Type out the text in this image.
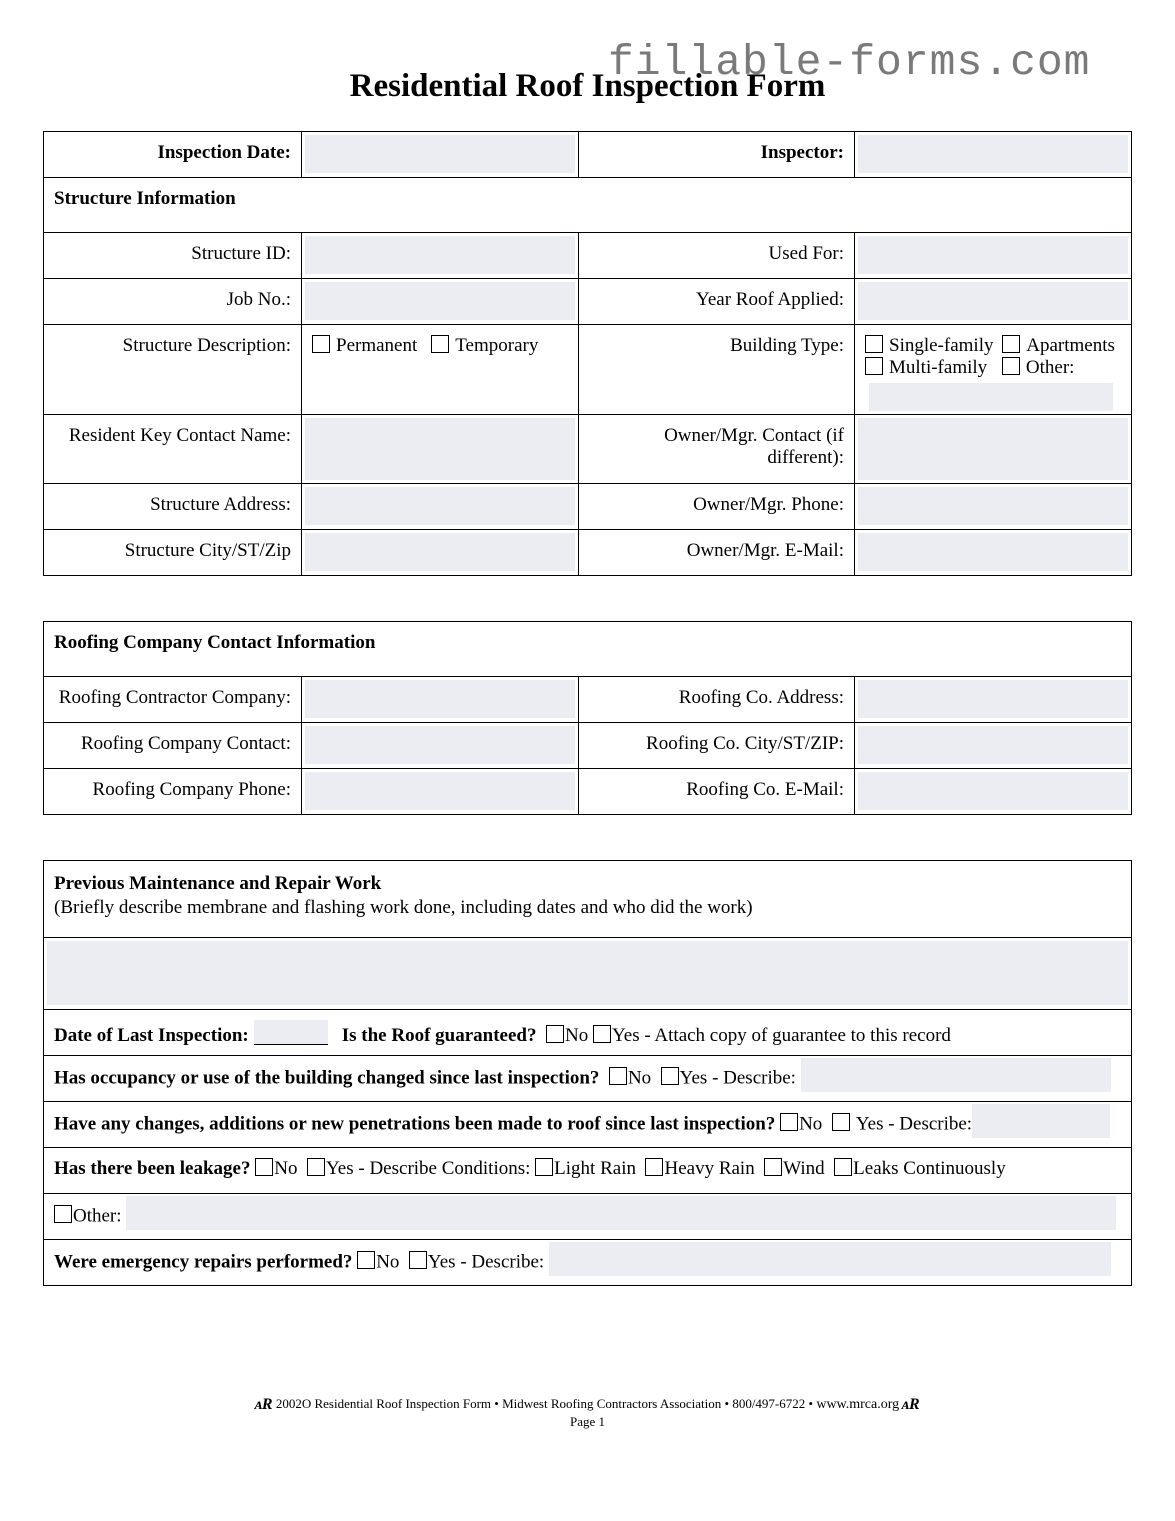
fillable-forms.com
Residential Roof Inspection Form
Inspection Date:		Inspector:	

Structure Information			
Structure ID:		Used For:	

Job No.:		Year Roof Applied:	

Structure Description:	Permanent Temporary	Building Type:	Single-family Apartments
Multi-family Other:

Resident Key Contact Name:		Owner/Mgr. Contact (if different):	

Structure Address:		Owner/Mgr. Phone:	

Structure City/ST/Zip		Owner/Mgr. E-Mail:	
Roofing Company Contact Information			
Roofing Contractor Company:		Roofing Co. Address:	

Roofing Company Contact:		Roofing Co. City/ST/ZIP:	

Roofing Company Phone:		Roofing Co. E-Mail:	
Previous Maintenance and Repair Work
(Briefly describe membrane and flashing work done, including dates and who did the work)

Date of Last Inspection:	Is the Roof guaranteed? No Yes - Attach copy of guarantee to this record
Has occupancy or use of the building changed since last inspection? No Yes - Describe:
Have any changes, additions or new penetrations been made to roof since last inspection? No Yes - Describe:
Has there been leakage? No Yes - Describe Conditions: Light Rain Heavy Rain Wind Leaks Continuously
Other:
Were emergency repairs performed? No Yes - Describe:
ᴀR 2002O Residential Roof Inspection Form • Midwest Roofing Contractors Association • 800/497-6722 • www.mrca.org ᴀR
Page 1
